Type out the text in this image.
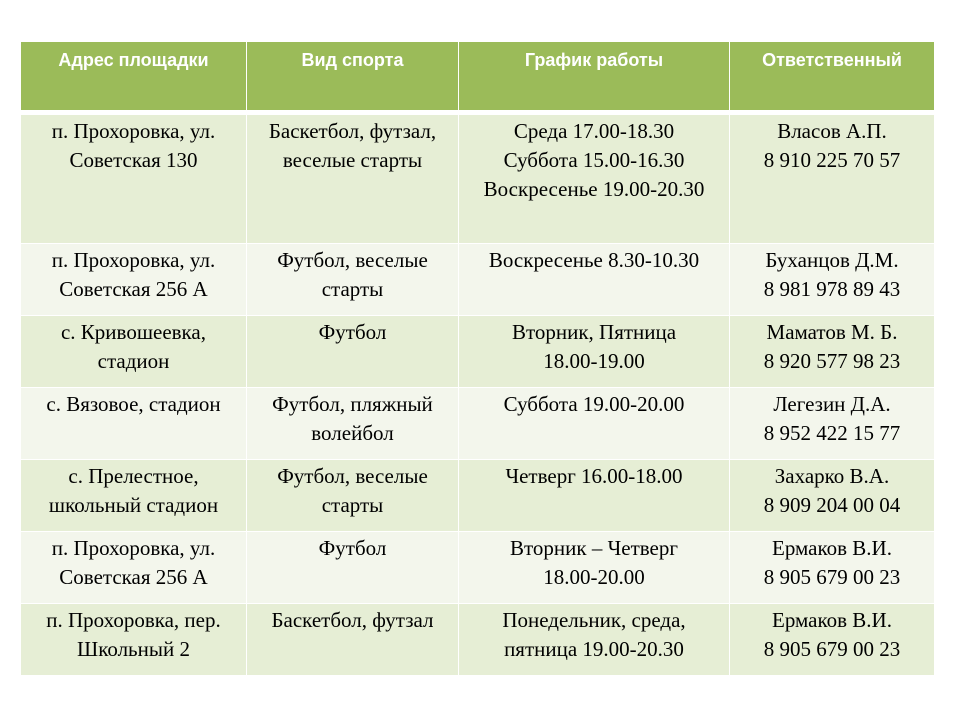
Адрес площадки	Вид спорта	График работы	Ответственный

п. Прохоровка, ул.
Советская 130	Баскетбол, футзал,
веселые старты	Среда 17.00-18.30
Суббота 15.00-16.30
Воскресенье 19.00-20.30	Власов А.П.
8 910 225 70 57

п. Прохоровка, ул.
Советская 256 А	Футбол, веселые
старты	Воскресенье 8.30-10.30	Буханцов Д.М.
8 981 978 89 43

с. Кривошеевка,
стадион	Футбол	Вторник, Пятница
18.00-19.00	Маматов М. Б.
8 920 577 98 23

с. Вязовое, стадион	Футбол, пляжный
волейбол	Суббота 19.00-20.00	Легезин Д.А.
8 952 422 15 77

с. Прелестное,
школьный стадион	Футбол, веселые
старты	Четверг 16.00-18.00	Захарко В.А.
8 909 204 00 04

п. Прохоровка, ул.
Советская 256 А	Футбол	Вторник – Четверг
18.00-20.00	Ермаков В.И.
8 905 679 00 23

п. Прохоровка, пер.
Школьный 2	Баскетбол, футзал	Понедельник, среда,
пятница 19.00-20.30	Ермаков В.И.
8 905 679 00 23
